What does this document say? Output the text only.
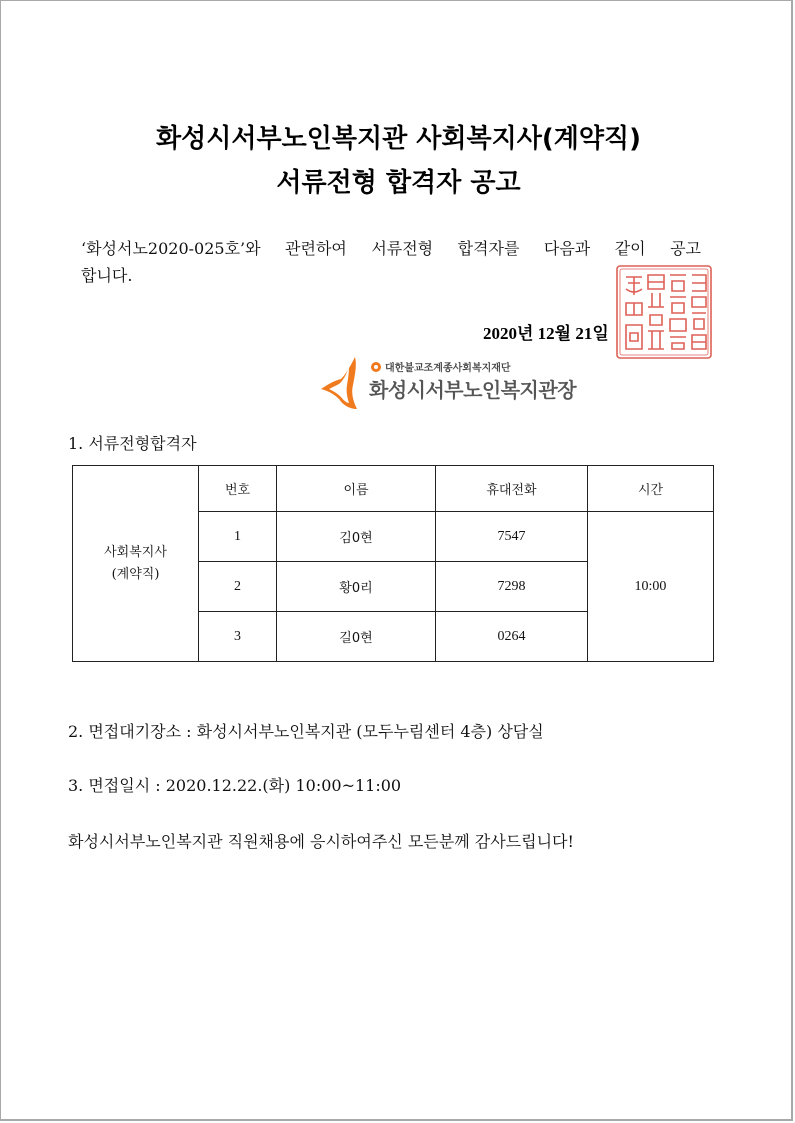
화성시서부노인복지관 사회복지사(계약직)
서류전형 합격자 공고
‘화성서노2020-025호’와 관련하여 서류전형 합격자를 다음과 같이 공고
합니다.
2020년 12월 21일
대한불교조계종사회복지재단
화성시서부노인복지관장
1. 서류전형합격자
사회복지사
(계약직)	번호	이름	휴대전화	시간
	1	김0현	7547	10:00
	2	황0리	7298	
	3	길0현	0264	
2. 면접대기장소 : 화성시서부노인복지관 (모두누림센터 4층) 상담실
3. 면접일시 : 2020.12.22.(화) 10:00~11:00
화성시서부노인복지관 직원채용에 응시하여주신 모든분께 감사드립니다!
